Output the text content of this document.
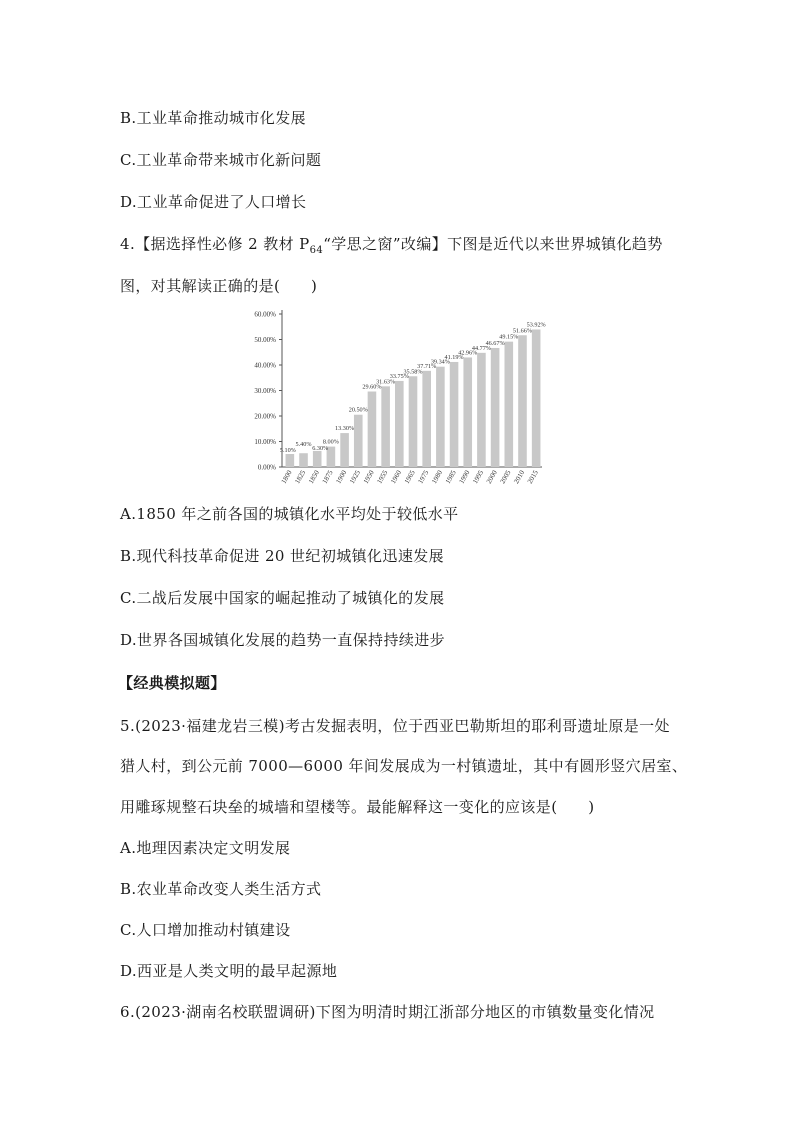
B.工业革命推动城市化发展
C.工业革命带来城市化新问题
D.工业革命促进了人口增长
4.【据选择性必修 2 教材 $P_{64}“$学思之窗”改编】下图是近代以来世界城镇化趋势
图，对其解读正确的是(　　)
0.00%
10.00%
20.00%
30.00%
40.00%
50.00%
60.00%
5.10%
5.40%
6.30%
8.00%
13.30%
20.50%
29.60%
31.63%
33.75%
35.58%
37.71%
39.34%
41.19%
42.96%
44.77%
46.67%
49.15%
51.66%
53.92%
1800 1825 1850 1875 1900 1925 1950 1955 1960 1965 1975 1980 1985 1990 1995 2000 2005 2010 2015
A.1850 年之前各国的城镇化水平均处于较低水平
B.现代科技革命促进 20 世纪初城镇化迅速发展
C.二战后发展中国家的崛起推动了城镇化的发展
D.世界各国城镇化发展的趋势一直保持持续进步
【经典模拟题】
5.(2023·福建龙岩三模)考古发掘表明，位于西亚巴勒斯坦的耶利哥遗址原是一处
猎人村，到公元前 7000—6000 年间发展成为一村镇遗址，其中有圆形竖穴居室、
用雕琢规整石块垒的城墙和望楼等。最能解释这一变化的应该是(　　)
A.地理因素决定文明发展
B.农业革命改变人类生活方式
C.人口增加推动村镇建设
D.西亚是人类文明的最早起源地
6.(2023·湖南名校联盟调研)下图为明清时期江浙部分地区的市镇数量变化情况
